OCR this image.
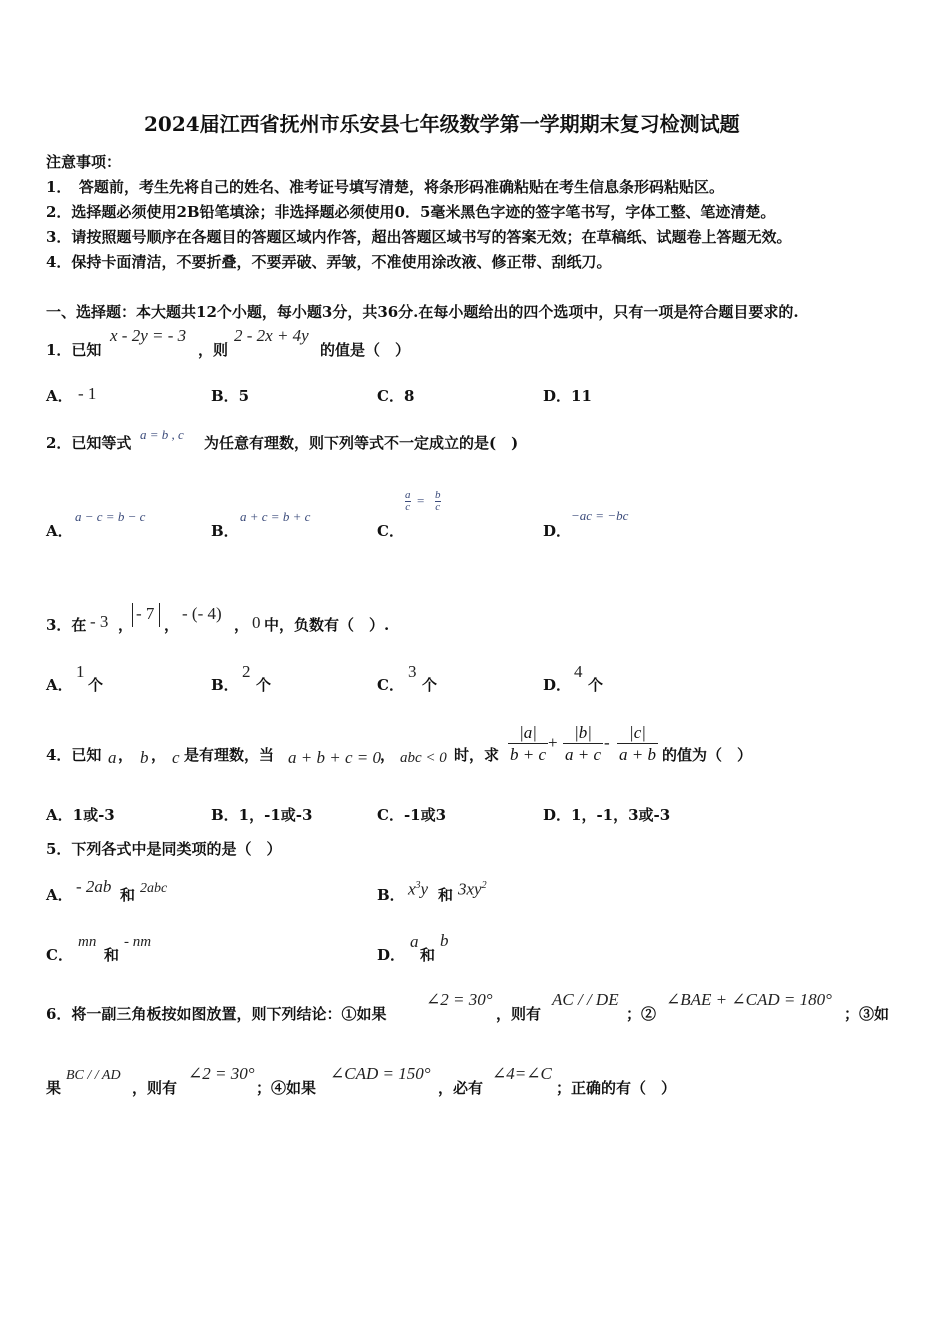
2024届江西省抚州市乐安县七年级数学第一学期期末复习检测试题
注意事项：
1．　答题前，考生先将自己的姓名、准考证号填写清楚，将条形码准确粘贴在考生信息条形码粘贴区。
2．选择题必须使用2B铅笔填涂；非选择题必须使用0．5毫米黑色字迹的签字笔书写，字体工整、笔迹清楚。
3．请按照题号顺序在各题目的答题区域内作答，超出答题区域书写的答案无效；在草稿纸、试题卷上答题无效。
4．保持卡面清洁，不要折叠，不要弄破、弄皱，不准使用涂改液、修正带、刮纸刀。
一、选择题：本大题共12个小题，每小题3分，共36分.在每小题给出的四个选项中，只有一项是符合题目要求的.
1．已知
x - 2y = - 3
，则
2 - 2x + 4y
的值是（　）
A． - 1	B．5	C．8	D．11
2．已知等式 a = b , c 为任意有理数，则下列等式不一定成立的是(　)
A．
a − c = b − c
B．
a + c = b + c
C．
$\frac{a}{c} = \frac{b}{c}$
D．
−ac = −bc
3．在 - 3 ，
- 7
，
- (- 4)
， 0 中，负数有（　）.
A．
1
个	B．
2
个	C．
3
个	D．
4
个
4．已知 a ， b ， c 是有理数，当 a + b + c = 0 ， abc < 0 时，求 $\frac{|a|}{b + c} + \frac{|b|}{a + c} - \frac{|c|}{a + b}$ 的值为（　）
A．1或-3	B．1，-1或-3	C．-1或3	D．1，-1，3或-3
5．下列各式中是同类项的是（　）
A． - 2ab 和 2abc	B． $x^3y$ 和 $3xy^2$
C．
mn
和
- nm
D．
a
和
b
6．将一副三角板按如图放置，则下列结论：①如果
∠2 = 30°
，则有
AC / / DE
；②
∠BAE + ∠CAD = 180°
；③如
果
BC / / AD
，则有
∠2 = 30°
；④如果
∠CAD = 150°
，必有
∠4=∠C
；正确的有（　）
